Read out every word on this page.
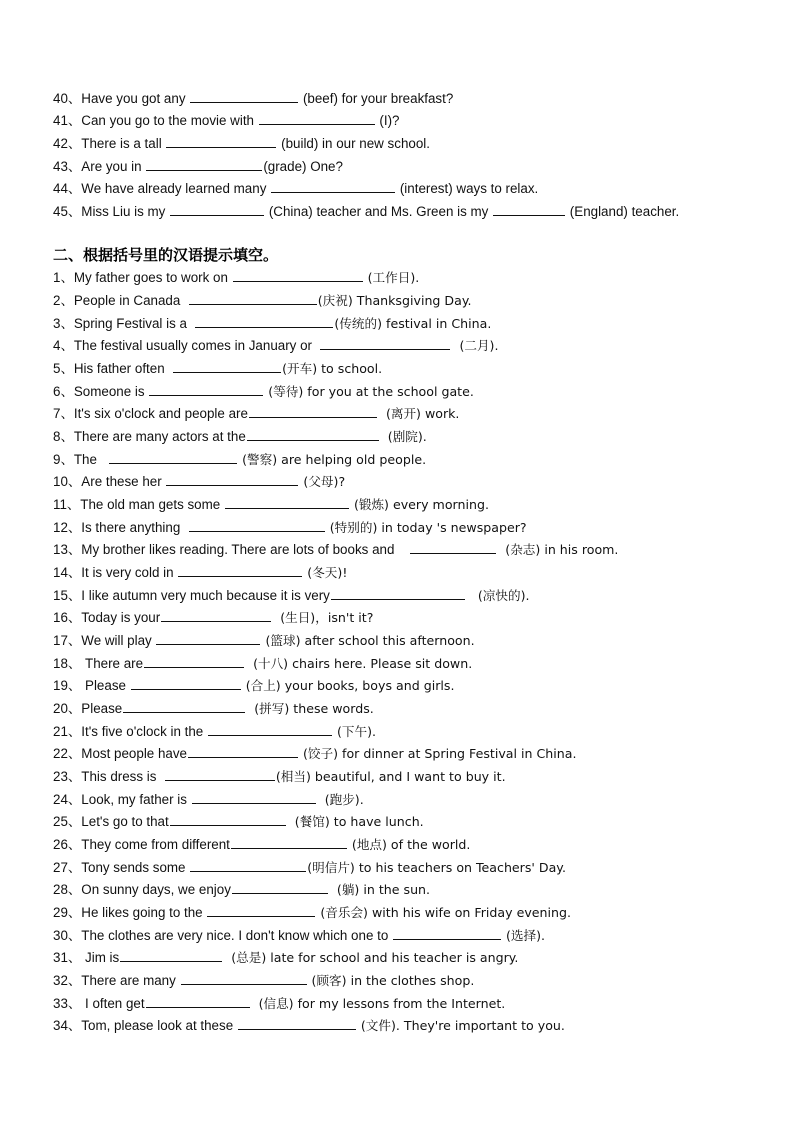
40、Have you got any	(beef) for your breakfast?
41、Can you go to the movie with	(I)?
42、There is a tall	(build) in our new school.
43、Are you in	(grade) One?
44、We have already learned many	(interest) ways to relax.
45、Miss Liu is my	(China) teacher and Ms. Green is my	(England) teacher.
二、根据括号里的汉语提示填空。
1、My father goes to work on	(工作日).
2、People in Canada	(庆祝) Thanksgiving Day.
3、Spring Festival is a	(传统的) festival in China.
4、The festival usually comes in January or	(二月).
5、His father often	(开车) to school.
6、Someone is	(等待) for you at the school gate.
7、It's six o'clock and people are	(离开) work.
8、There are many actors at the	(剧院).
9、The	(警察) are helping old people.
10、Are these her	(父母)?
11、The old man gets some	(锻炼) every morning.
12、Is there anything	(特别的) in today 's newspaper?
13、My brother likes reading. There are lots of books and	(杂志) in his room.
14、It is very cold in	(冬天)!
15、I like autumn very much because it is very	(凉快的).
16、Today is your	(生日)，isn't it?
17、We will play	(篮球) after school this afternoon.
18、 There are	(十八) chairs here. Please sit down.
19、 Please	(合上) your books, boys and girls.
20、Please	(拼写) these words.
21、It's five o'clock in the	(下午).
22、Most people have	(饺子) for dinner at Spring Festival in China.
23、This dress is	(相当) beautiful, and I want to buy it.
24、Look, my father is	(跑步).
25、Let's go to that	(餐馆) to have lunch.
26、They come from different	(地点) of the world.
27、Tony sends some	(明信片) to his teachers on Teachers' Day.
28、On sunny days, we enjoy	(躺) in the sun.
29、He likes going to the	(音乐会) with his wife on Friday evening.
30、The clothes are very nice. I don't know which one to	(选择).
31、 Jim is	(总是) late for school and his teacher is angry.
32、There are many	(顾客) in the clothes shop.
33、 I often get	(信息) for my lessons from the Internet.
34、Tom, please look at these	(文件). They're important to you.
